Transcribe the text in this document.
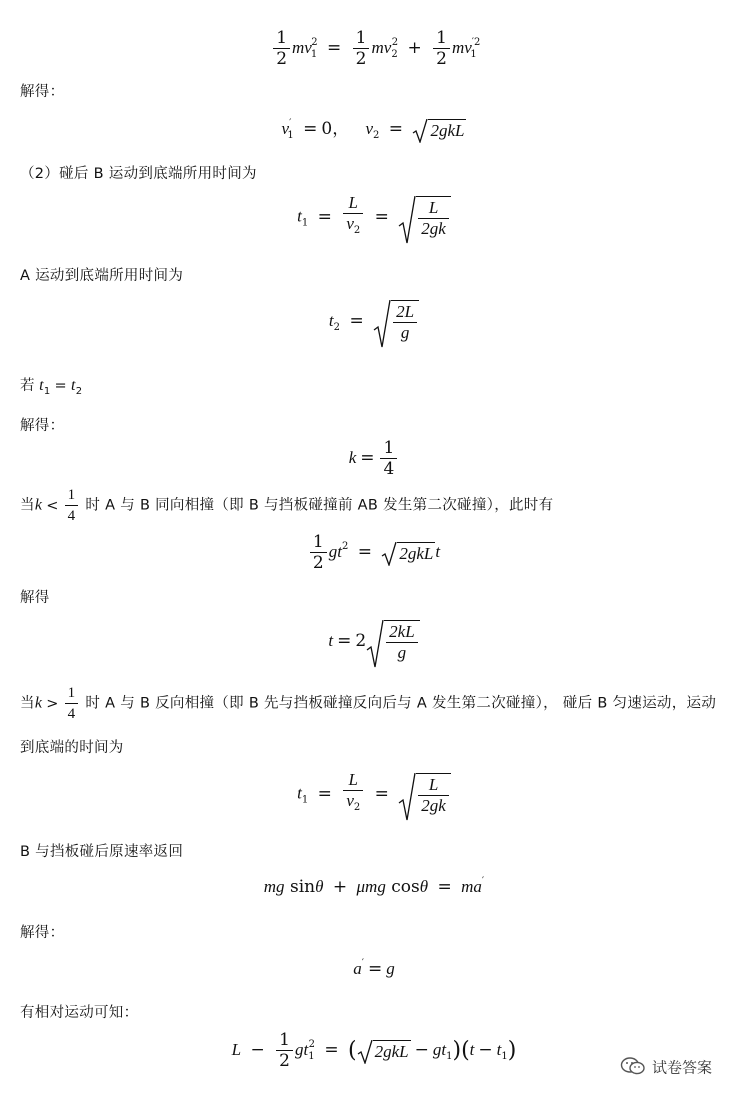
$\frac{1}{2} mv_1^2 = \frac{1}{2} mv_2^2 + \frac{1}{2} mv^{'2}_1$
解得：
$v'_1 = 0$， $v_2 = 2gkL$
（2）碰后 B 运动到底端所用时间为
$t_1 = \frac{L}{v_2} = \frac{L}{2gk}$
A 运动到底端所用时间为
$t_2 = \frac{2L}{g}$
若 $t_1 = t_2$
解得：
$k = \frac{1}{4}$
当$k < \frac{1}{4}$ 时 A 与 B 同向相撞（即 B 与挡板碰撞前 AB 发生第二次碰撞），此时有
$\frac{1}{2} gt^2 = 2gkL$ t
解得
$t = 2 \frac{2kL}{g}$
当$k > \frac{1}{4}$ 时 A 与 B 反向相撞（即 B 先与挡板碰撞反向后与 A 发生第二次碰撞）， 碰后 B 匀速运动，运动
到底端的时间为
$t_1 = \frac{L}{v_2} = \frac{L}{2gk}$
B 与挡板碰后原速率返回
mg sinθ + μmg cosθ = ma′
解得：
a′ = g
有相对运动可知：
$L - \frac{1}{2} gt_1^2$ = ( $2gkL - gt_1)(t - t_1)$
试卷答案
